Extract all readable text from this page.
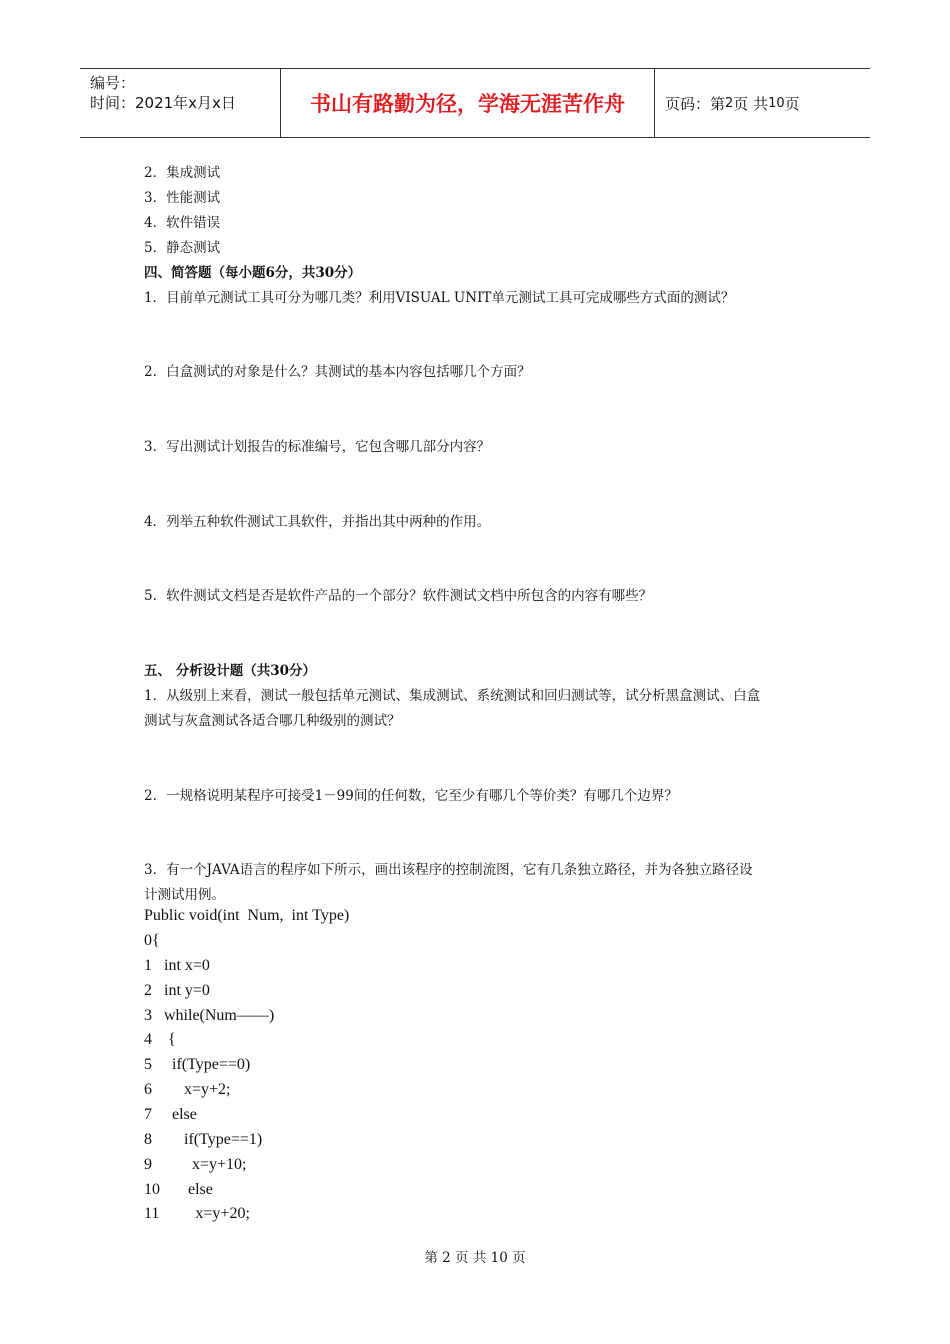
编号：
时间：2021年x月x日	书山有路勤为径，学海无涯苦作舟	页码：第 2 页 共 10 页
2．集成测试
3．性能测试
4．软件错误
5．静态测试
四、简答题（每小题6分，共30分）
1．目前单元测试工具可分为哪几类？利用VISUAL UNIT单元测试工具可完成哪些方式面的测试？
2．白盒测试的对象是什么？其测试的基本内容包括哪几个方面？
3．写出测试计划报告的标准编号，它包含哪几部分内容？
4．列举五种软件测试工具软件，并指出其中两种的作用。
5．软件测试文档是否是软件产品的一个部分？软件测试文档中所包含的内容有哪些？
五、 分析设计题（共30分）
1．从级别上来看，测试一般包括单元测试、集成测试、系统测试和回归测试等，试分析黑盒测试、白盒
测试与灰盒测试各适合哪几种级别的测试？
2．一规格说明某程序可接受1－99间的任何数，它至少有哪几个等价类？有哪几个边界？
3．有一个JAVA语言的程序如下所示，画出该程序的控制流图，它有几条独立路径，并为各独立路径设
计测试用例。
Public void(int  Num,  int Type)
0{
1   int x=0
2   int y=0
3   while(Num——)
4    {
5     if(Type==0)
6        x=y+2;
7     else
8        if(Type==1)
9          x=y+10;
10       else
11         x=y+20;
第 2 页 共 10 页
